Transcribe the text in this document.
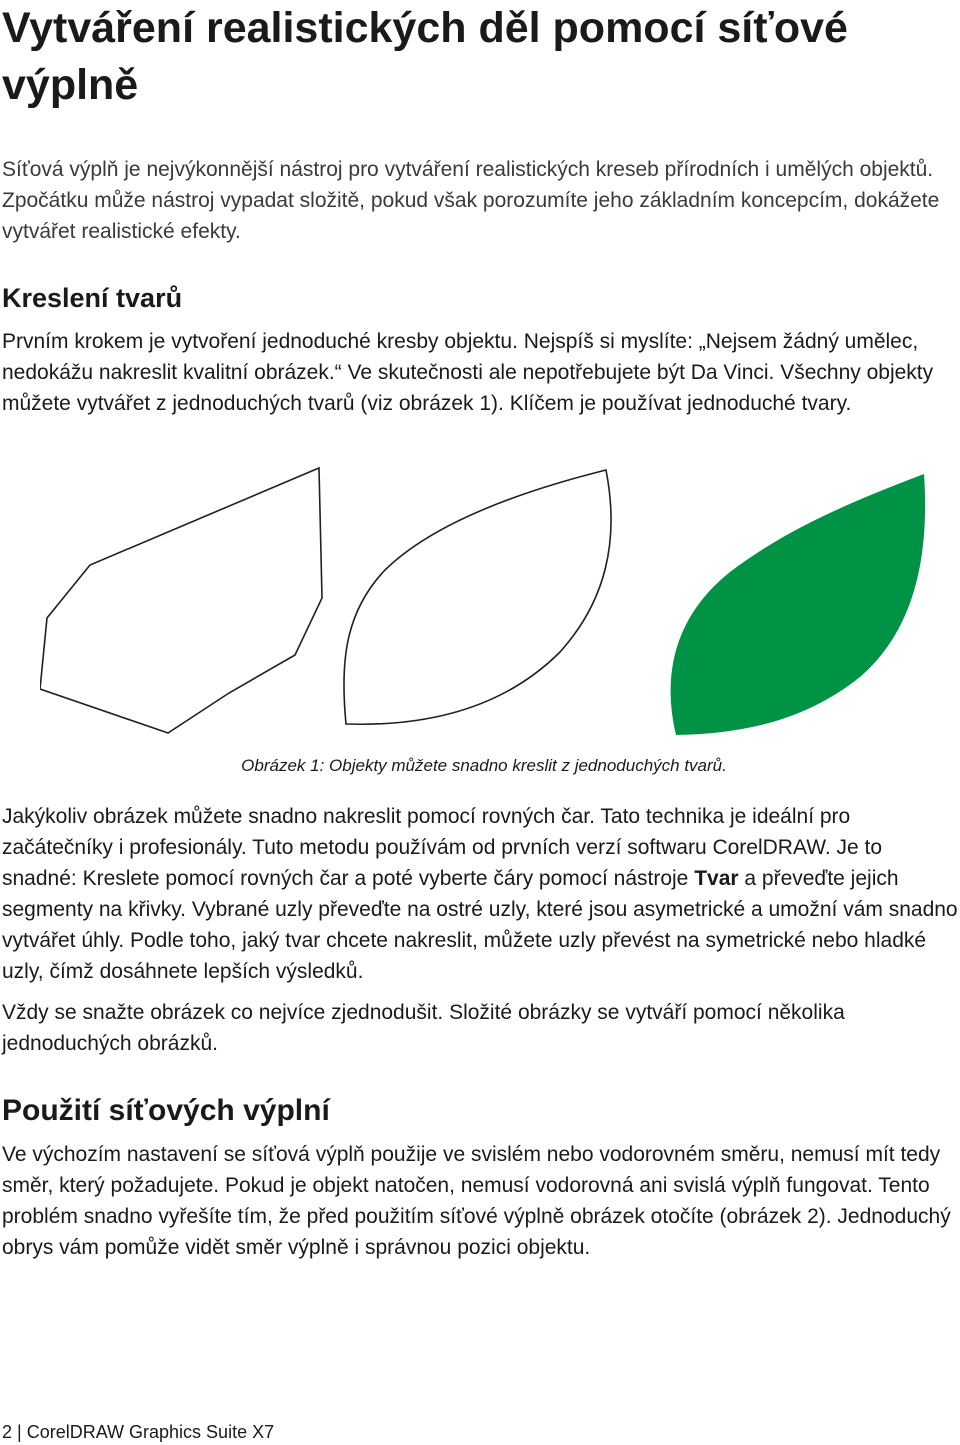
Vytváření realistických děl pomocí síťové výplně

Síťová výplň je nejvýkonnější nástroj pro vytváření realistických kreseb přírodních i umělých objektů. Zpočátku může nástroj vypadat složitě, pokud však porozumíte jeho základním koncepcím, dokážete vytvářet realistické efekty.

Kreslení tvarů

Prvním krokem je vytvoření jednoduché kresby objektu. Nejspíš si myslíte: „Nejsem žádný umělec, nedokážu nakreslit kvalitní obrázek.“ Ve skutečnosti ale nepotřebujete být Da Vinci. Všechny objekty můžete vytvářet z jednoduchých tvarů (viz obrázek 1). Klíčem je používat jednoduché tvary.

Obrázek 1: Objekty můžete snadno kreslit z jednoduchých tvarů.

Jakýkoliv obrázek můžete snadno nakreslit pomocí rovných čar. Tato technika je ideální pro začátečníky i profesionály. Tuto metodu používám od prvních verzí softwaru CorelDRAW. Je to snadné: Kreslete pomocí rovných čar a poté vyberte čáry pomocí nástroje Tvar a převeďte jejich segmenty na křivky. Vybrané uzly převeďte na ostré uzly, které jsou asymetrické a umožní vám snadno vytvářet úhly. Podle toho, jaký tvar chcete nakreslit, můžete uzly převést na symetrické nebo hladké uzly, čímž dosáhnete lepších výsledků.

Vždy se snažte obrázek co nejvíce zjednodušit. Složité obrázky se vytváří pomocí několika jednoduchých obrázků.

Použití síťových výplní

Ve výchozím nastavení se síťová výplň použije ve svislém nebo vodorovném směru, nemusí mít tedy směr, který požadujete. Pokud je objekt natočen, nemusí vodorovná ani svislá výplň fungovat. Tento problém snadno vyřešíte tím, že před použitím síťové výplně obrázek otočíte (obrázek 2). Jednoduchý obrys vám pomůže vidět směr výplně i správnou pozici objektu.

2 | CorelDRAW Graphics Suite X7
